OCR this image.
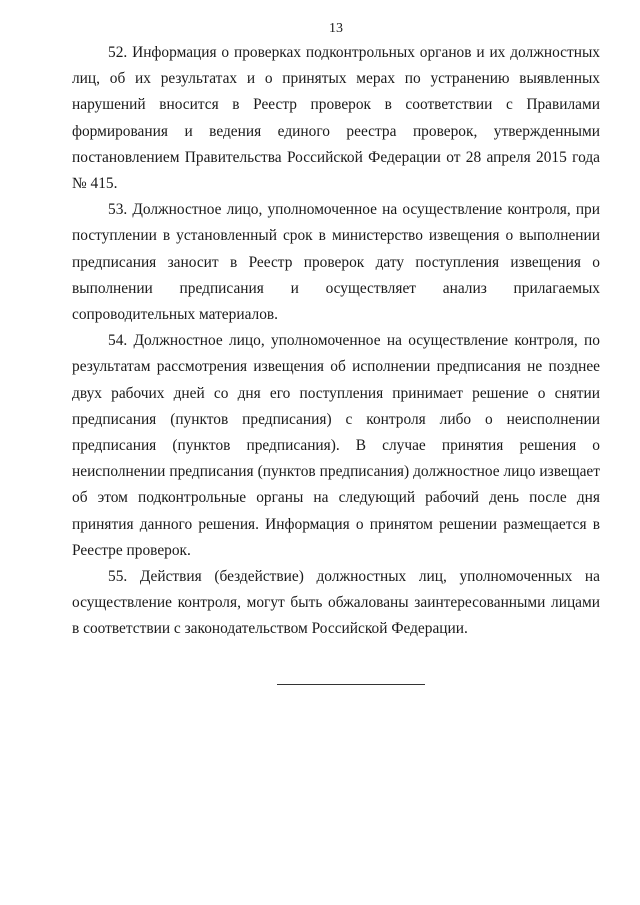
13

52. Информация о проверках подконтрольных органов и их должностных лиц, об их результатах и о принятых мерах по устранению выявленных нарушений вносится в Реестр проверок в соответствии с Правилами формирования и ведения единого реестра проверок, утвержденными постановлением Правительства Российской Федерации от 28 апреля 2015 года № 415.

53. Должностное лицо, уполномоченное на осуществление контроля, при поступлении в установленный срок в министерство извещения о выполнении предписания заносит в Реестр проверок дату поступления извещения о выполнении предписания и осуществляет анализ прилагаемых сопроводительных материалов.

54. Должностное лицо, уполномоченное на осуществление контроля, по результатам рассмотрения извещения об исполнении предписания не позднее двух рабочих дней со дня его поступления принимает решение о снятии предписания (пунктов предписания) с контроля либо о неисполнении предписания (пунктов предписания). В случае принятия решения о неисполнении предписания (пунктов предписания) должностное лицо извещает об этом подконтрольные органы на следующий рабочий день после дня принятия данного решения. Информация о принятом решении размещается в Реестре проверок.

55. Действия (бездействие) должностных лиц, уполномоченных на осуществление контроля, могут быть обжалованы заинтересованными лицами в соответствии с законодательством Российской Федерации.
